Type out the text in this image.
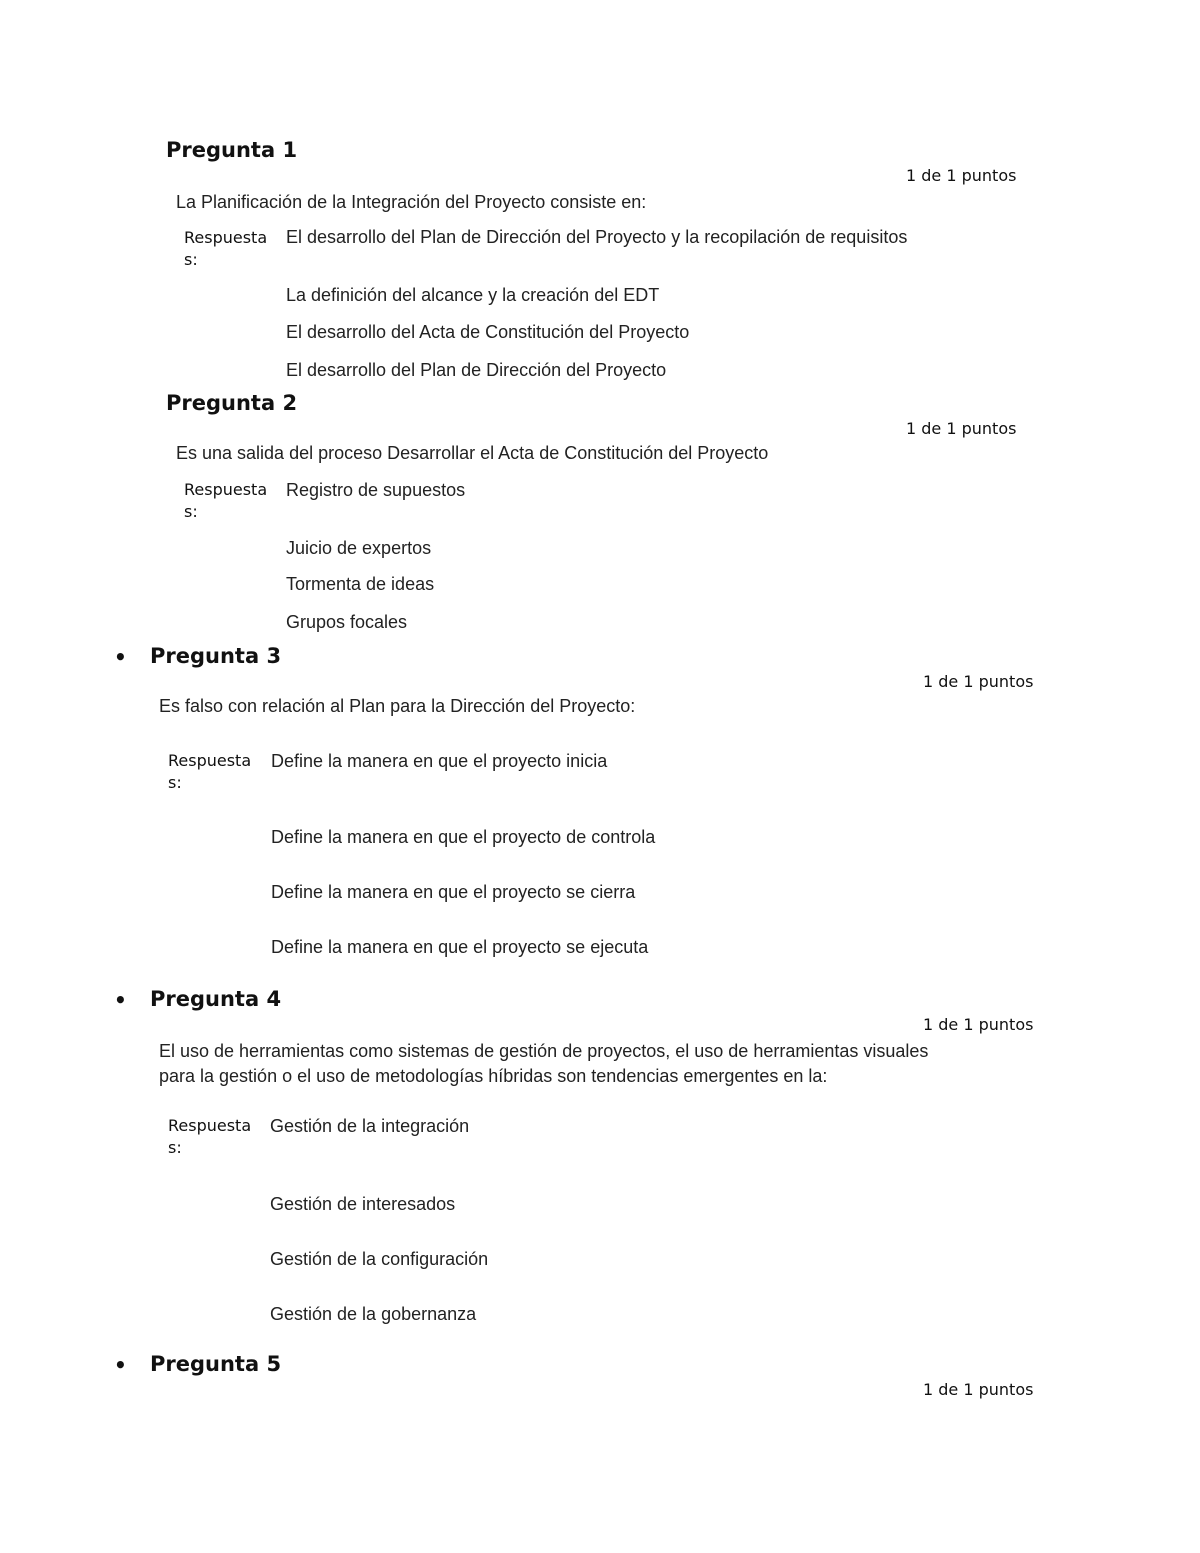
Pregunta 1
1 de 1 puntos
La Planificación de la Integración del Proyecto consiste en:
Respuestas:
El desarrollo del Plan de Dirección del Proyecto y la recopilación de requisitos
La definición del alcance y la creación del EDT
El desarrollo del Acta de Constitución del Proyecto
El desarrollo del Plan de Dirección del Proyecto
Pregunta 2
1 de 1 puntos
Es una salida del proceso Desarrollar el Acta de Constitución del Proyecto
Respuestas:
Registro de supuestos
Juicio de expertos
Tormenta de ideas
Grupos focales
• Pregunta 3
1 de 1 puntos
Es falso con relación al Plan para la Dirección del Proyecto:
Respuestas:
Define la manera en que el proyecto inicia
Define la manera en que el proyecto de controla
Define la manera en que el proyecto se cierra
Define la manera en que el proyecto se ejecuta
• Pregunta 4
1 de 1 puntos
El uso de herramientas como sistemas de gestión de proyectos, el uso de herramientas visuales para la gestión o el uso de metodologías híbridas son tendencias emergentes en la:
Respuestas:
Gestión de la integración
Gestión de interesados
Gestión de la configuración
Gestión de la gobernanza
• Pregunta 5
1 de 1 puntos
